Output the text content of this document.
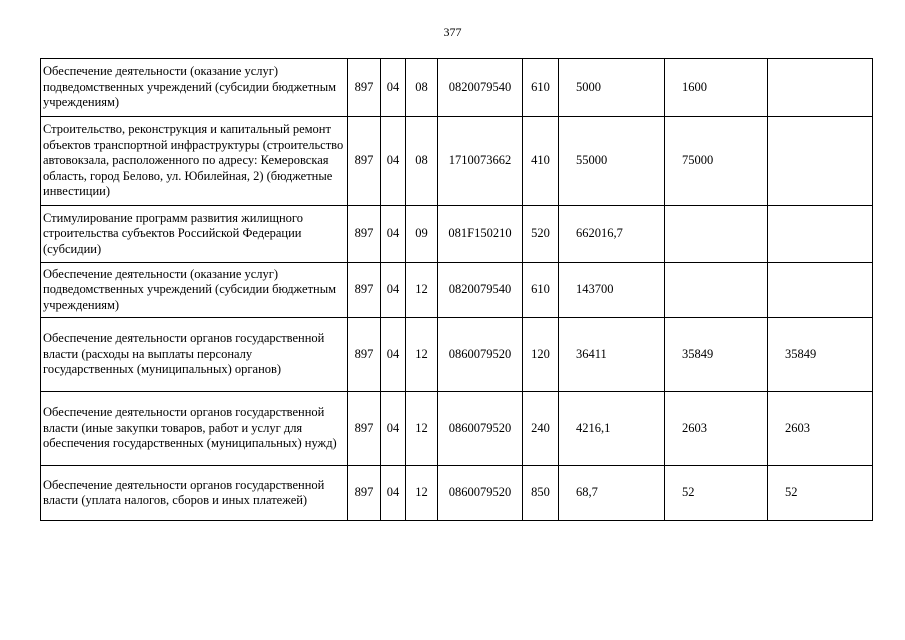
377
Обеспечение деятельности (оказание услуг) подведомственных учреждений (субсидии бюджетным учреждениям)	897	04	08	0820079540	610	5000	1600	
Строительство, реконструкция и капитальный ремонт объектов транспортной инфраструктуры (строительство автовокзала, расположенного по адресу: Кемеровская область, город Белово, ул. Юбилейная, 2) (бюджетные инвестиции)	897	04	08	1710073662	410	55000	75000	
Стимулирование программ развития жилищного строительства субъектов Российской Федерации (субсидии)	897	04	09	081F150210	520	662016,7		
Обеспечение деятельности (оказание услуг) подведомственных учреждений (субсидии бюджетным учреждениям)	897	04	12	0820079540	610	143700		
Обеспечение деятельности органов государственной власти (расходы на выплаты персоналу государственных (муниципальных) органов)	897	04	12	0860079520	120	36411	35849	35849
Обеспечение деятельности органов государственной власти (иные закупки товаров, работ и услуг для обеспечения государственных (муниципальных) нужд)	897	04	12	0860079520	240	4216,1	2603	2603
Обеспечение деятельности органов государственной власти (уплата налогов, сборов и иных платежей)	897	04	12	0860079520	850	68,7	52	52
